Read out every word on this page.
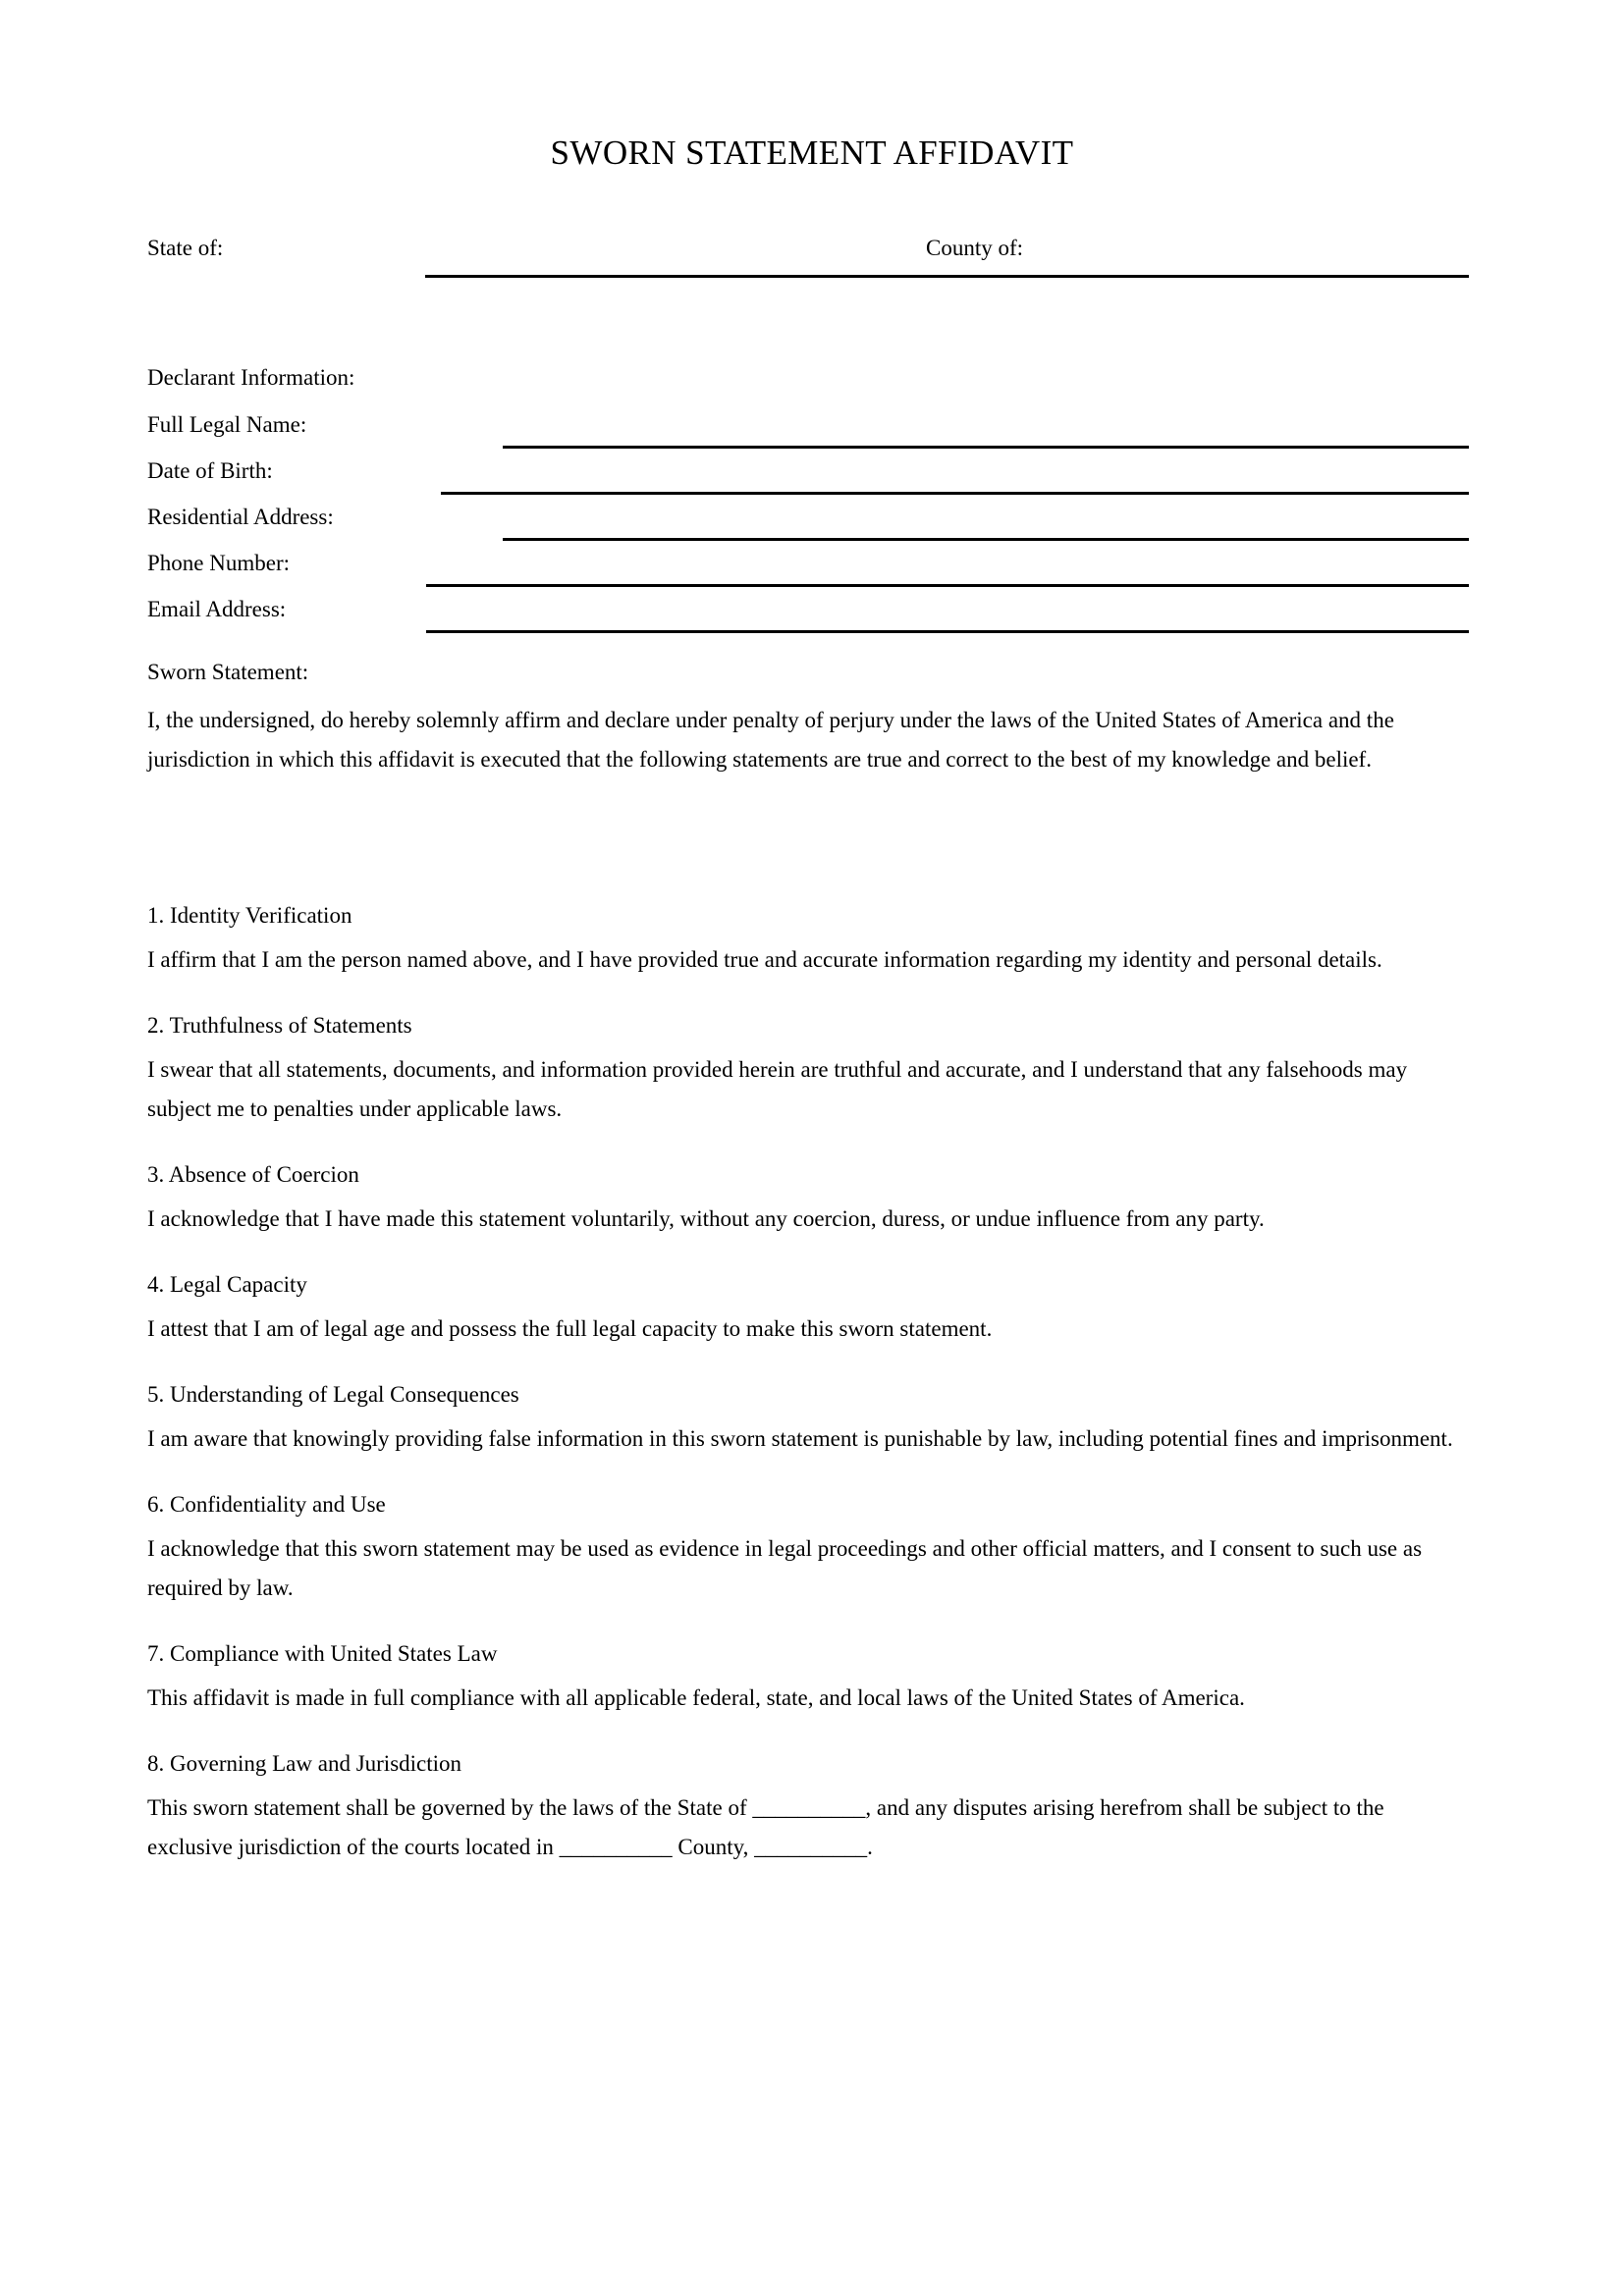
SWORN STATEMENT AFFIDAVIT
State of:	County of:
Declarant Information:
Full Legal Name:
Date of Birth:
Residential Address:
Phone Number:
Email Address:
Sworn Statement:

I, the undersigned, do hereby solemnly affirm and declare under penalty of perjury under the laws of the United States of America and the jurisdiction in which this affidavit is executed that the following statements are true and correct to the best of my knowledge and belief.

1. Identity Verification

I affirm that I am the person named above, and I have provided true and accurate information regarding my identity and personal details.

2. Truthfulness of Statements

I swear that all statements, documents, and information provided herein are truthful and accurate, and I understand that any falsehoods may subject me to penalties under applicable laws.

3. Absence of Coercion

I acknowledge that I have made this statement voluntarily, without any coercion, duress, or undue influence from any party.

4. Legal Capacity

I attest that I am of legal age and possess the full legal capacity to make this sworn statement.

5. Understanding of Legal Consequences

I am aware that knowingly providing false information in this sworn statement is punishable by law, including potential fines and imprisonment.

6. Confidentiality and Use

I acknowledge that this sworn statement may be used as evidence in legal proceedings and other official matters, and I consent to such use as required by law.

7. Compliance with United States Law

This affidavit is made in full compliance with all applicable federal, state, and local laws of the United States of America.

8. Governing Law and Jurisdiction

This sworn statement shall be governed by the laws of the State of __________, and any disputes arising herefrom shall be subject to the exclusive jurisdiction of the courts located in __________ County, __________.
